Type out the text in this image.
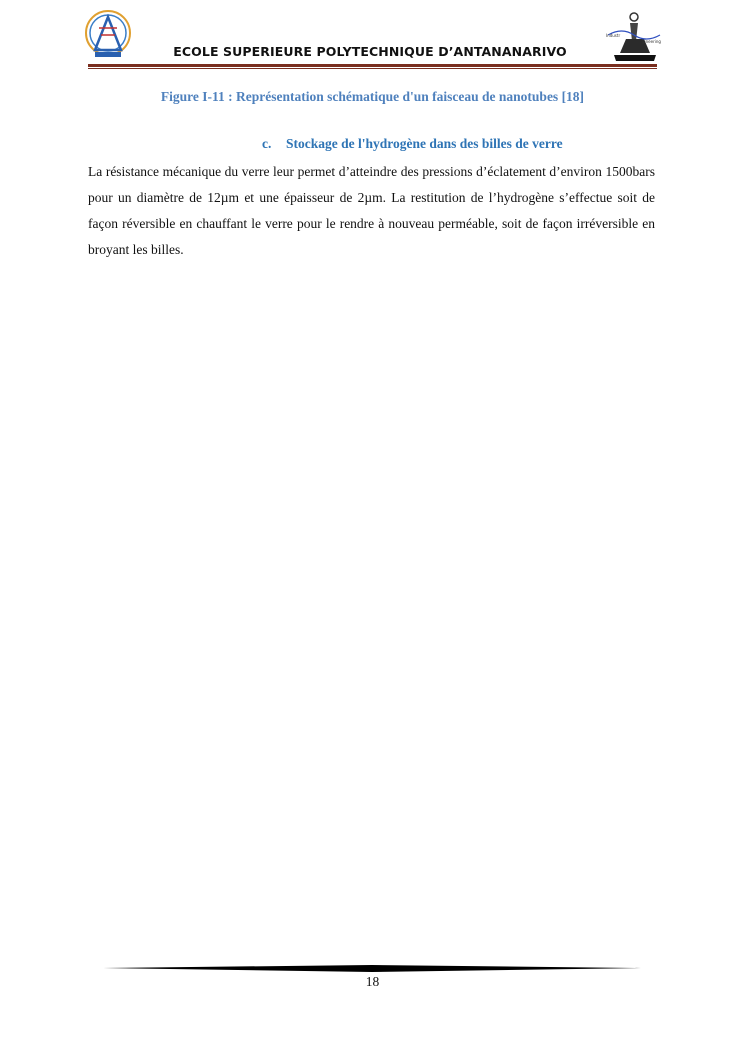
Industr
gineering
ECOLE SUPERIEURE POLYTECHNIQUE D’ANTANANARIVO
Figure I-11 : Représentation schématique d'un faisceau de nanotubes [18]
c. Stockage de l'hydrogène dans des billes de verre
La résistance mécanique du verre leur permet d’atteindre des pressions d’éclatement d’environ 1500bars pour un diamètre de 12µm et une épaisseur de 2µm. La restitution de l’hydrogène s’effectue soit de façon réversible en chauffant le verre pour le rendre à nouveau perméable, soit de façon irréversible en broyant les billes.
18
